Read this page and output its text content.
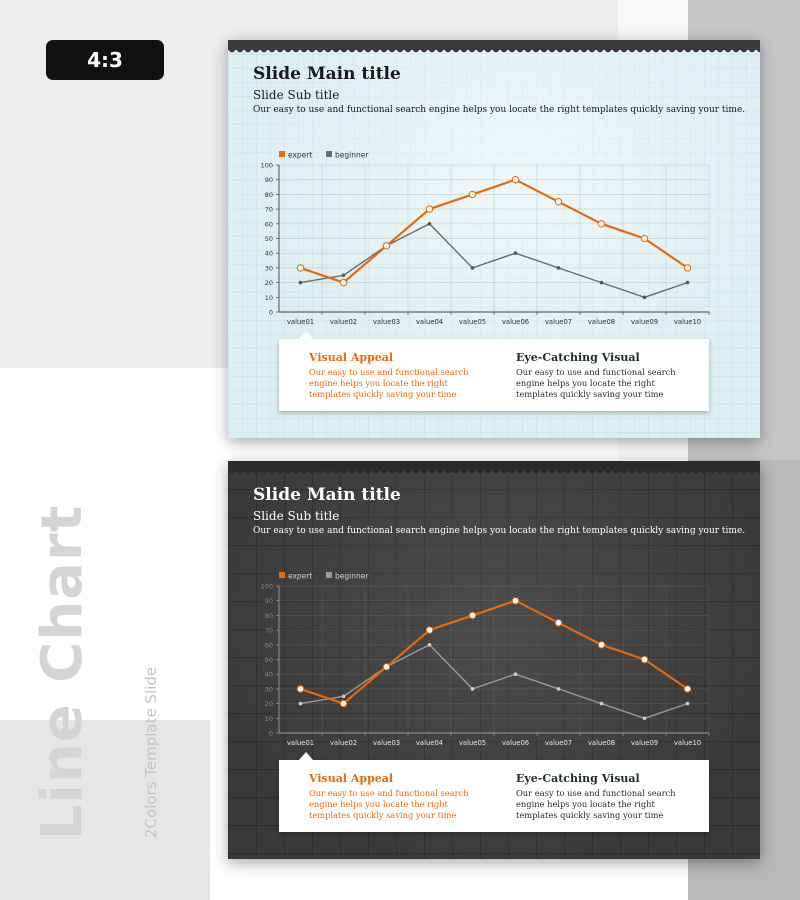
4:3
Line Chart	2Colors Template Slide
Slide Main title
Slide Sub title
Our easy to use and functional search engine helps you locate the right templates quickly saving your time.
expert	beginner
0
10
20
30
40
50
60
70
80
90
100
value01 value02 value03 value04 value05 value06 value07 value08 value09 value10
Visual Appeal
Our easy to use and functional search engine helps you locate the right templates quickly saving your time
Eye-Catching Visual
Our easy to use and functional search engine helps you locate the right templates quickly saving your time
Slide Main title
Slide Sub title
Our easy to use and functional search engine helps you locate the right templates quickly saving your time.
expert	beginner
0
10
20
30
40
50
60
70
80
90
100
value01 value02 value03 value04 value05 value06 value07 value08 value09 value10
Visual Appeal
Our easy to use and functional search engine helps you locate the right templates quickly saving your time
Eye-Catching Visual
Our easy to use and functional search engine helps you locate the right templates quickly saving your time
